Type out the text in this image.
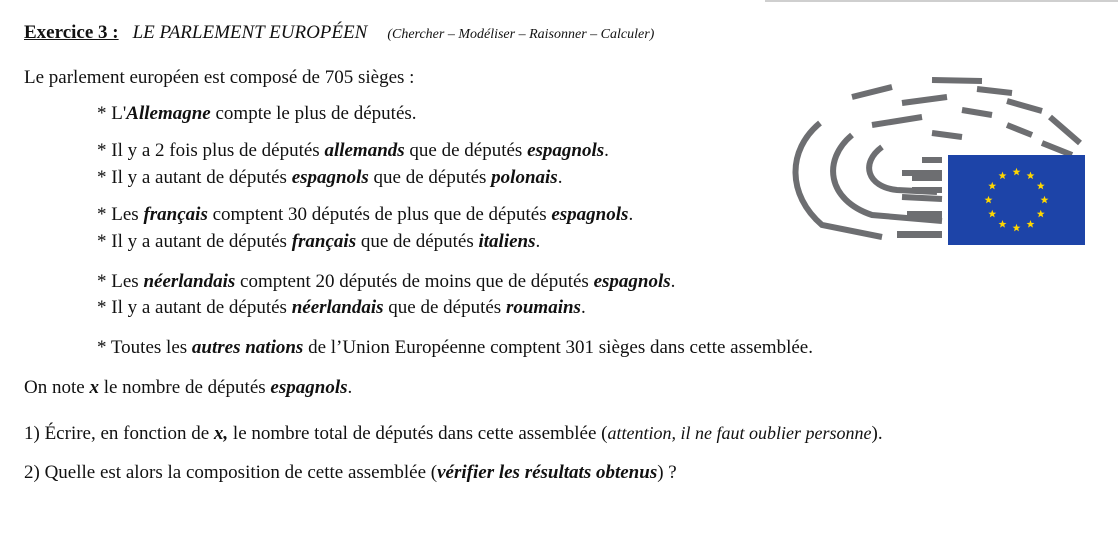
Exercice 3 : LE PARLEMENT EUROPÉEN (Chercher – Modéliser – Raisonner – Calculer)
Le parlement européen est composé de 705 sièges :
* L'Allemagne compte le plus de députés.
* Il y a 2 fois plus de députés allemands que de députés espagnols.
* Il y a autant de députés espagnols que de députés polonais.
* Les français comptent 30 députés de plus que de députés espagnols.
* Il y a autant de députés français que de députés italiens.
* Les néerlandais comptent 20 députés de moins que de députés espagnols.
* Il y a autant de députés néerlandais que de députés roumains.
* Toutes les autres nations de l’Union Européenne comptent 301 sièges dans cette assemblée.
On note x le nombre de députés espagnols.
1) Écrire, en fonction de x, le nombre total de députés dans cette assemblée (attention, il ne faut oublier personne).
2) Quelle est alors la composition de cette assemblée (vérifier les résultats obtenus) ?
